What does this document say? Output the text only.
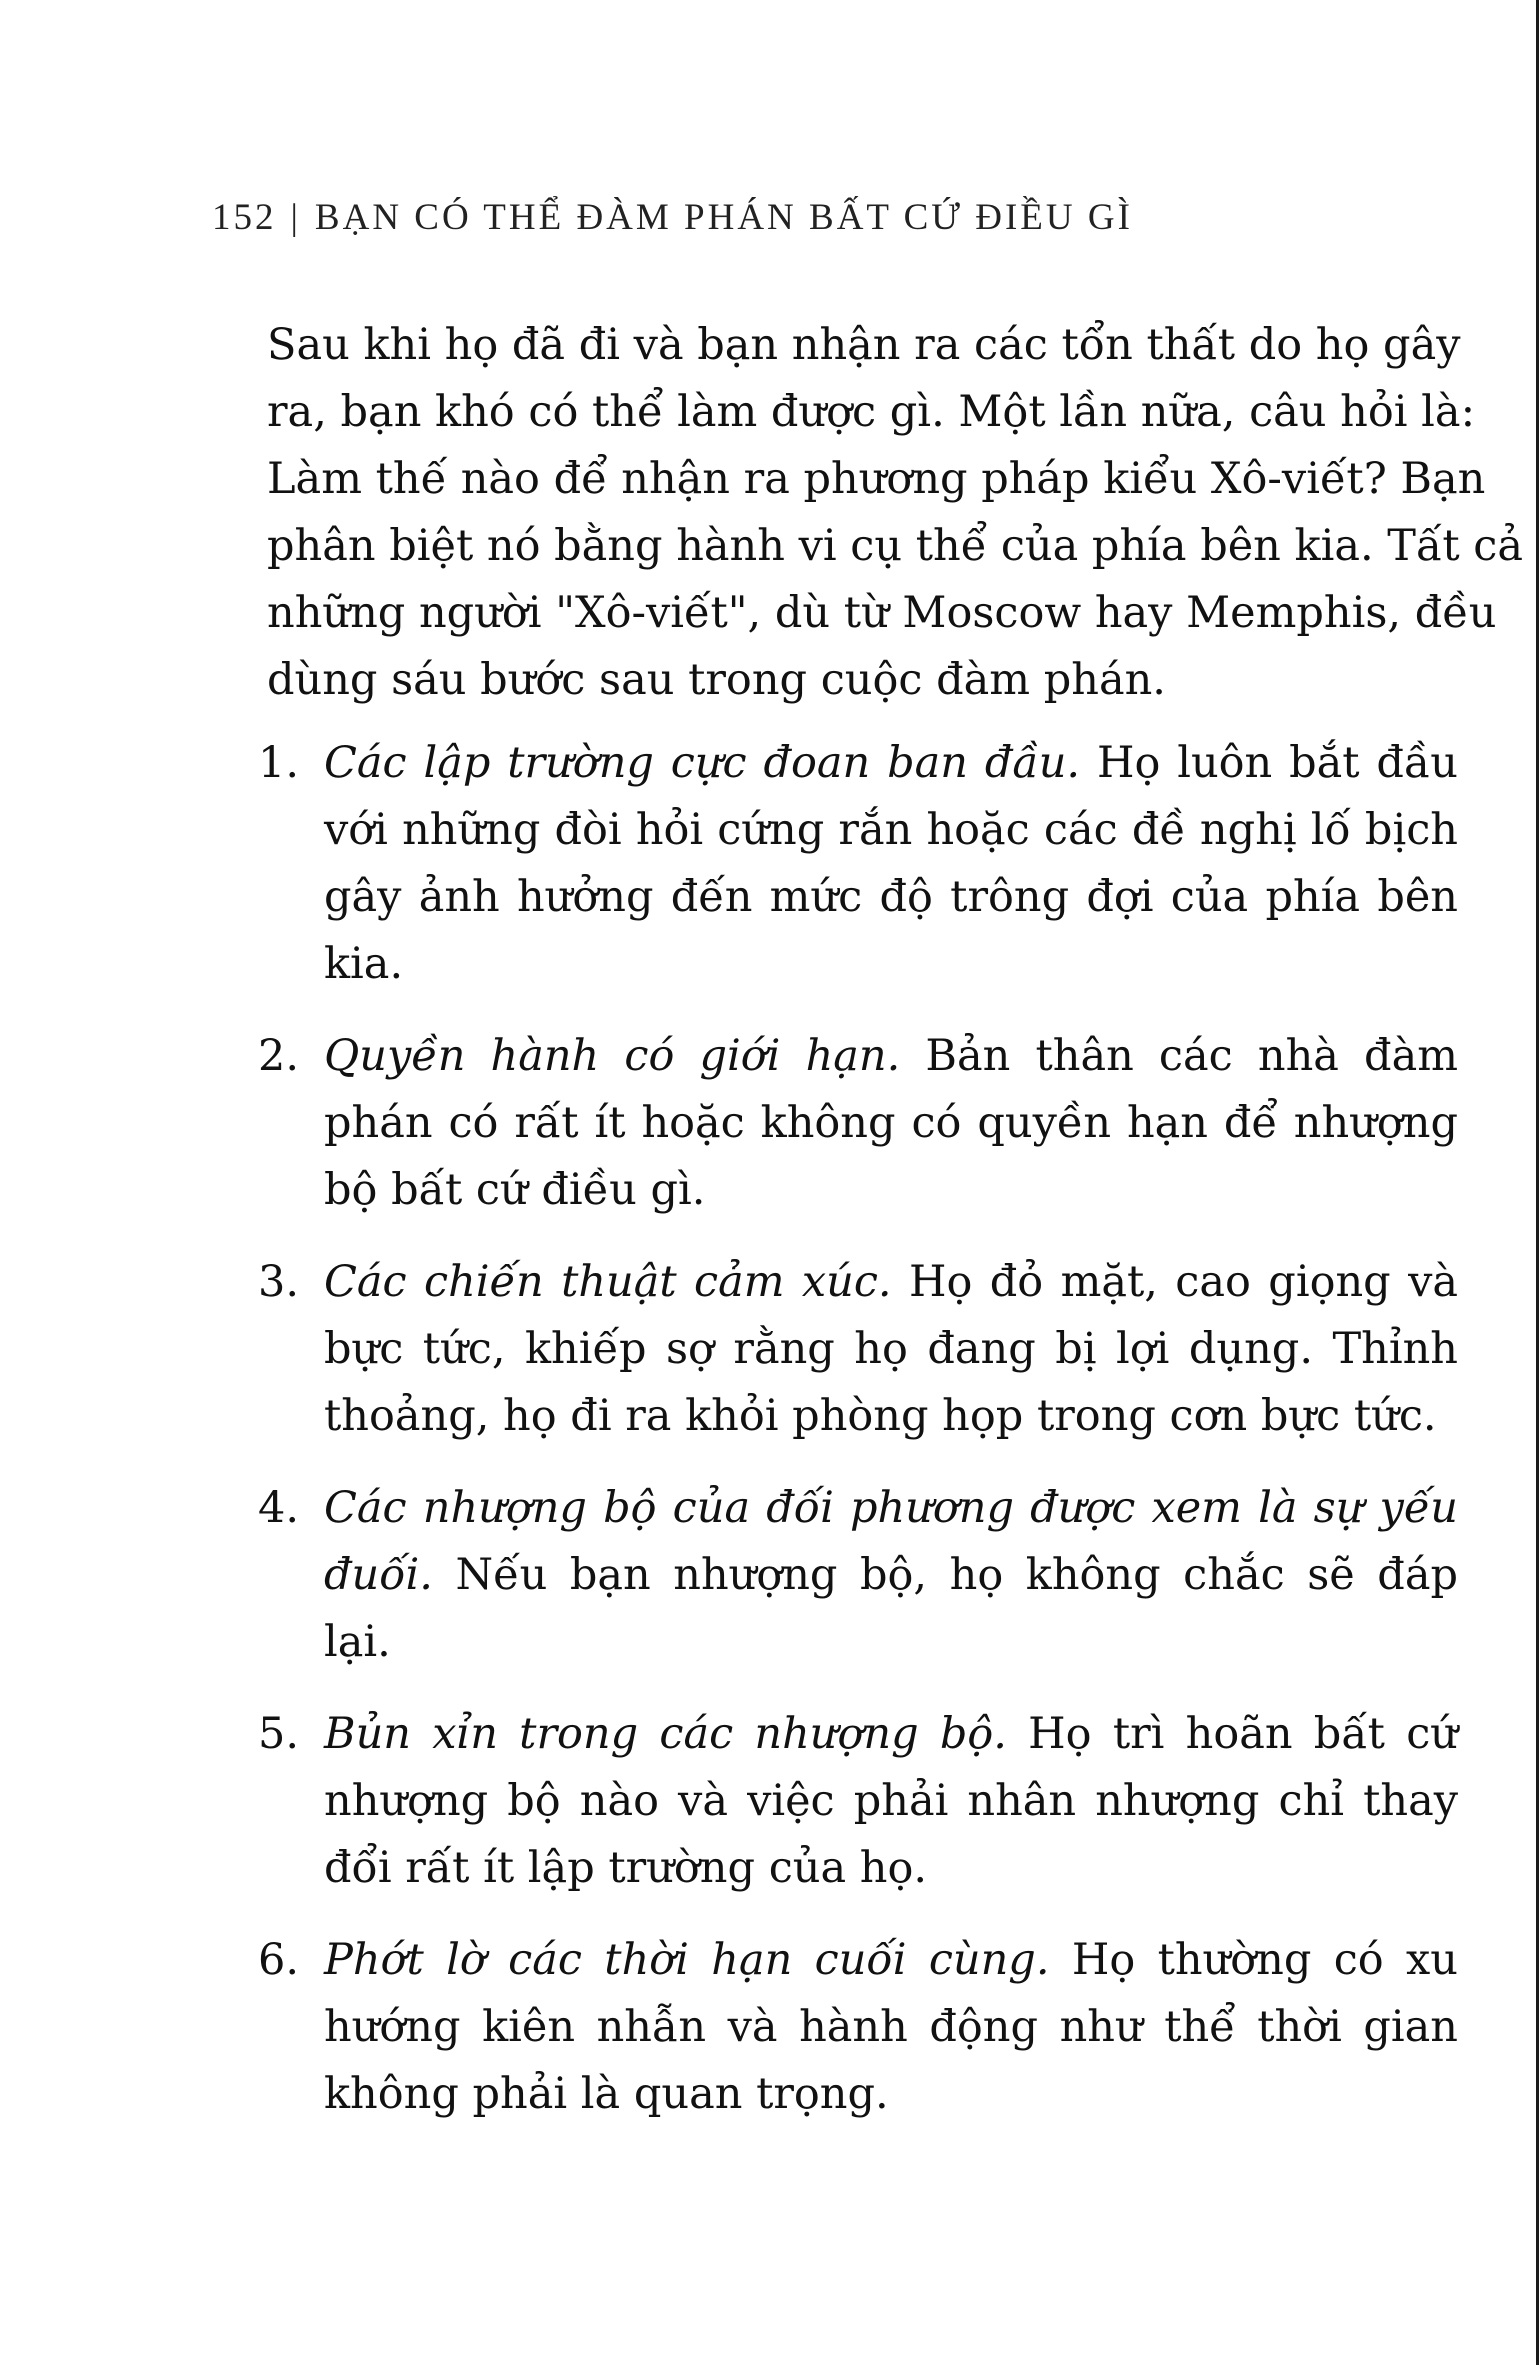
152 | BẠN CÓ THỂ ĐÀM PHÁN BẤT CỨ ĐIỀU GÌ
Sau khi họ đã đi và bạn nhận ra các tổn thất do họ gây
ra, bạn khó có thể làm được gì. Một lần nữa, câu hỏi là:
Làm thế nào để nhận ra phương pháp kiểu Xô-viết? Bạn
phân biệt nó bằng hành vi cụ thể của phía bên kia. Tất cả
những người "Xô-viết", dù từ Moscow hay Memphis, đều
dùng sáu bước sau trong cuộc đàm phán.
1. Các lập trường cực đoan ban đầu. Họ luôn bắt đầu với những đòi hỏi cứng rắn hoặc các đề nghị lố bịch gây ảnh hưởng đến mức độ trông đợi của phía bên kia.
2. Quyền hành có giới hạn. Bản thân các nhà đàm phán có rất ít hoặc không có quyền hạn để nhượng bộ bất cứ điều gì.
3. Các chiến thuật cảm xúc. Họ đỏ mặt, cao giọng và bực tức, khiếp sợ rằng họ đang bị lợi dụng. Thỉnh thoảng, họ đi ra khỏi phòng họp trong cơn bực tức.
4. Các nhượng bộ của đối phương được xem là sự yếu đuối. Nếu bạn nhượng bộ, họ không chắc sẽ đáp lại.
5. Bủn xỉn trong các nhượng bộ. Họ trì hoãn bất cứ nhượng bộ nào và việc phải nhân nhượng chỉ thay đổi rất ít lập trường của họ.
6. Phớt lờ các thời hạn cuối cùng. Họ thường có xu hướng kiên nhẫn và hành động như thể thời gian không phải là quan trọng.
